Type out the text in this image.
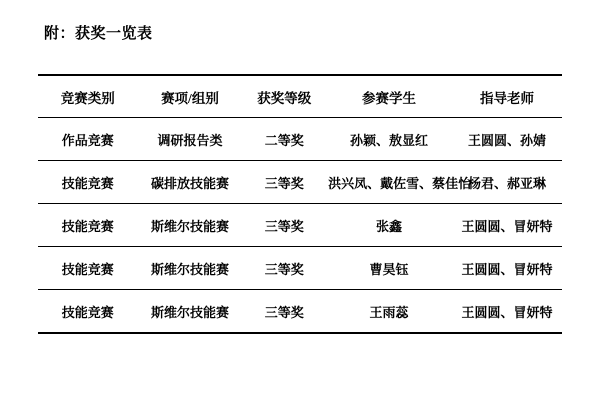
附：获奖一览表
竞赛类别	赛项/组别	获奖等级	参赛学生	指导老师
作品竞赛	调研报告类	二等奖	孙颖、敖显红	王圆圆、孙婧
技能竞赛	碳排放技能赛	三等奖	洪兴凤、戴佐雪、蔡佳怡	杨君、郝亚琳
技能竞赛	斯维尔技能赛	三等奖	张鑫	王圆圆、冒妍特
技能竞赛	斯维尔技能赛	三等奖	曹昊钰	王圆圆、冒妍特
技能竞赛	斯维尔技能赛	三等奖	王雨蕊	王圆圆、冒妍特
